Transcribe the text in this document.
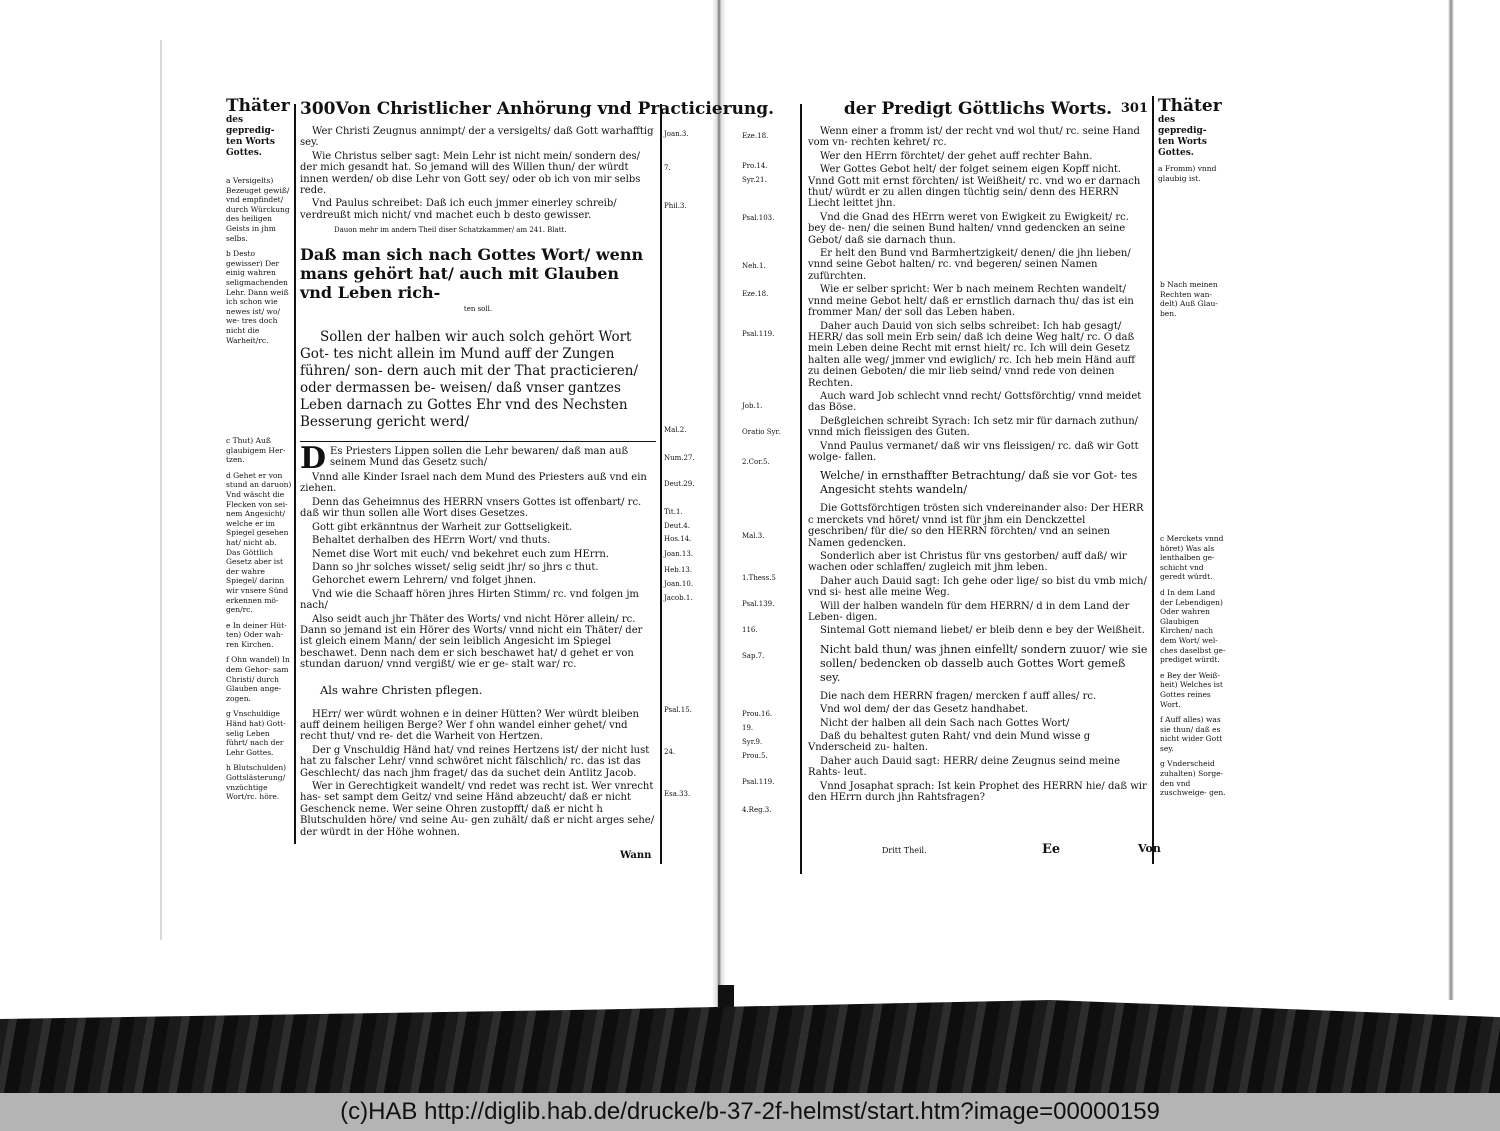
Thäter
des gepredig-
ten Worts
Gottes.
a Versigelts) Bezeuget gewiß/ vnd empfindet/ durch Würckung des heiligen Geists in jhm selbs.
b Desto gewisser) Der einig wahren seligmachenden Lehr. Dann weiß ich schon wie newes ist/ wo/ we- tres doch nicht die Warheit/rc.
c Thut) Auß glaubigem Her- tzen.
d Gehet er von stund an daruon) Vnd wäscht die Flecken von sei- nem Angesicht/ welche er im Spiegel gesehen hat/ nicht ab. Das Göttlich Gesetz aber ist der wahre Spiegel/ darinn wir vnsere Sünd erkennen mö- gen/rc.
e In deiner Hüt- ten) Oder wah- ren Kirchen.
f Ohn wandel) In dem Gehor- sam Christi/ durch Glauben ange- zogen.
g Vnschuldige Händ hat) Gott- selig Leben führt/ nach der Lehr Gottes.
h Blutschulden) Gottslästerung/ vnzüchtige Wort/rc. höre.
300Von Christlicher Anhörung vnd Practicierung.

Wer Christi Zeugnus annimpt/ der a versigelts/ daß Gott warhafftig sey.

Wie Christus selber sagt: Mein Lehr ist nicht mein/ sondern des/ der mich gesandt hat. So jemand will des Willen thun/ der würdt innen werden/ ob dise Lehr von Gott sey/ oder ob ich von mir selbs rede.

Vnd Paulus schreibet: Daß ich euch jmmer einerley schreib/ verdreußt mich nicht/ vnd machet euch b desto gewisser.

Dauon mehr im andern Theil diser Schatzkammer/ am 241. Blatt.
Daß man sich nach Gottes Wort/ wenn mans gehört hat/ auch mit Glauben vnd Leben rich-
ten soll.
Sollen der halben wir auch solch gehört Wort Got- tes nicht allein im Mund auff der Zungen führen/ son- dern auch mit der That practicieren/ oder dermassen be- weisen/ daß vnser gantzes Leben darnach zu Gottes Ehr vnd des Nechsten Besserung gericht werd/
D Es Priesters Lippen sollen die Lehr bewaren/ daß man auß seinem Mund das Gesetz such/

Vnnd alle Kinder Israel nach dem Mund des Priesters auß vnd ein ziehen.

Denn das Geheimnus des HERRN vnsers Gottes ist offenbart/ rc. daß wir thun sollen alle Wort dises Gesetzes.

Gott gibt erkänntnus der Warheit zur Gottseligkeit.

Behaltet derhalben des HErrn Wort/ vnd thuts.

Nemet dise Wort mit euch/ vnd bekehret euch zum HErrn.

Dann so jhr solches wisset/ selig seidt jhr/ so jhrs c thut.

Gehorchet ewern Lehrern/ vnd folget jhnen.

Vnd wie die Schaaff hören jhres Hirten Stimm/ rc. vnd folgen jm nach/

Also seidt auch jhr Thäter des Worts/ vnd nicht Hörer allein/ rc. Dann so jemand ist ein Hörer des Worts/ vnnd nicht ein Thäter/ der ist gleich einem Mann/ der sein leiblich Angesicht im Spiegel beschawet. Denn nach dem er sich beschawet hat/ d gehet er von stundan daruon/ vnnd vergißt/ wie er ge- stalt war/ rc.

Als wahre Christen pflegen.

HErr/ wer würdt wohnen e in deiner Hütten? Wer würdt bleiben auff deinem heiligen Berge? Wer f ohn wandel einher gehet/ vnd recht thut/ vnd re- det die Warheit von Hertzen.

Der g Vnschuldig Händ hat/ vnd reines Hertzens ist/ der nicht lust hat zu falscher Lehr/ vnnd schwöret nicht fälschlich/ rc. das ist das Geschlecht/ das nach jhm fraget/ das da suchet dein Antlitz Jacob.

Wer in Gerechtigkeit wandelt/ vnd redet was recht ist. Wer vnrecht has- set sampt dem Geitz/ vnd seine Händ abzeucht/ daß er nicht Geschenck neme. Wer seine Ohren zustopfft/ daß er nicht h Blutschulden höre/ vnd seine Au- gen zuhält/ daß er nicht arges sehe/ der würdt in der Höhe wohnen.

Wann
Joan.3.
7.
Phil.3.
Mal.2.
Num.27.
Deut.29.
Tit.1.
Deut.4.
Hos.14.
Joan.13.
Heb.13.
Joan.10.
Jacob.1.
Psal.15.
24.
Esa.33.
Eze.18.
Pro.14.
Syr.21.
Psal.103.
Neh.1.
Eze.18.
Psal.119.
Job.1.
Oratio Syr.
2.Cor.5.
Mal.3.
1.Thess.5
Psal.139.
116.
Sap.7.
Prou.16.
19.
Syr.9.
Prou.5.
Psal.119.
4.Reg.3.
der Predigt Göttlichs Worts. 301

Wenn einer a fromm ist/ der recht vnd wol thut/ rc. seine Hand vom vn- rechten kehret/ rc.

Wer den HErrn förchtet/ der gehet auff rechter Bahn.

Wer Gottes Gebot helt/ der folget seinem eigen Kopff nicht. Vnnd Gott mit ernst förchten/ ist Weißheit/ rc. vnd wo er darnach thut/ würdt er zu allen dingen tüchtig sein/ denn des HERRN Liecht leittet jhn.

Vnd die Gnad des HErrn weret von Ewigkeit zu Ewigkeit/ rc. bey de- nen/ die seinen Bund halten/ vnnd gedencken an seine Gebot/ daß sie darnach thun.

Er helt den Bund vnd Barmhertzigkeit/ denen/ die jhn lieben/ vnnd seine Gebot halten/ rc. vnd begeren/ seinen Namen zufürchten.

Wie er selber spricht: Wer b nach meinem Rechten wandelt/ vnnd meine Gebot helt/ daß er ernstlich darnach thu/ das ist ein frommer Man/ der soll das Leben haben.

Daher auch Dauid von sich selbs schreibet: Ich hab gesagt/ HERR/ das soll mein Erb sein/ daß ich deine Weg halt/ rc. O daß mein Leben deine Recht mit ernst hielt/ rc. Ich will dein Gesetz halten alle weg/ jmmer vnd ewiglich/ rc. Ich heb mein Händ auff zu deinen Geboten/ die mir lieb seind/ vnnd rede von deinen Rechten.

Auch ward Job schlecht vnnd recht/ Gottsförchtig/ vnnd meidet das Böse.

Deßgleichen schreibt Syrach: Ich setz mir für darnach zuthun/ vnnd mich fleissigen des Guten.

Vnnd Paulus vermanet/ daß wir vns fleissigen/ rc. daß wir Gott wolge- fallen.

Welche/ in ernsthaffter Betrachtung/ daß sie vor Got- tes Angesicht stehts wandeln/

Die Gottsförchtigen trösten sich vndereinander also: Der HERR c merckets vnd höret/ vnnd ist für jhm ein Denckzettel geschriben/ für die/ so den HERRN förchten/ vnd an seinen Namen gedencken.

Sonderlich aber ist Christus für vns gestorben/ auff daß/ wir wachen oder schlaffen/ zugleich mit jhm leben.

Daher auch Dauid sagt: Ich gehe oder lige/ so bist du vmb mich/ vnd si- hest alle meine Weg.

Will der halben wandeln für dem HERRN/ d in dem Land der Leben- digen.

Sintemal Gott niemand liebet/ er bleib denn e bey der Weißheit.

Nicht bald thun/ was jhnen einfellt/ sondern zuuor/ wie sie sollen/ bedencken ob dasselb auch Gottes Wort gemeß sey.

Die nach dem HERRN fragen/ mercken f auff alles/ rc.

Vnd wol dem/ der das Gesetz handhabet.

Nicht der halben all dein Sach nach Gottes Wort/

Daß du behaltest guten Raht/ vnd dein Mund wisse g Vnderscheid zu- halten.

Daher auch Dauid sagt: HERR/ deine Zeugnus seind meine Rahts- leut.

Vnnd Josaphat sprach: Ist kein Prophet des HERRN hie/ daß wir den HErrn durch jhn Rahtsfragen?

Dritt Theil.	Ee	Von
Thäter
des gepredig-
ten Worts
Gottes.
a Fromm) vnnd glaubig ist.
b Nach meinen Rechten wan- delt) Auß Glau- ben.
c Merckets vnnd höret) Was als lenthalben ge- schicht vnd geredt würdt.
d In dem Land der Lebendigen) Oder wahren Glaubigen Kirchen/ nach dem Wort/ wel- ches daselbst ge- prediget würdt.
e Bey der Weiß- heit) Welches ist Gottes reines Wort.
f Auff alles) was sie thun/ daß es nicht wider Gott sey.
g Vnderscheid zuhalten) Sorge- den vnd zuschweige- gen.
(c)HAB http://diglib.hab.de/drucke/b-37-2f-helmst/start.htm?image=00000159
